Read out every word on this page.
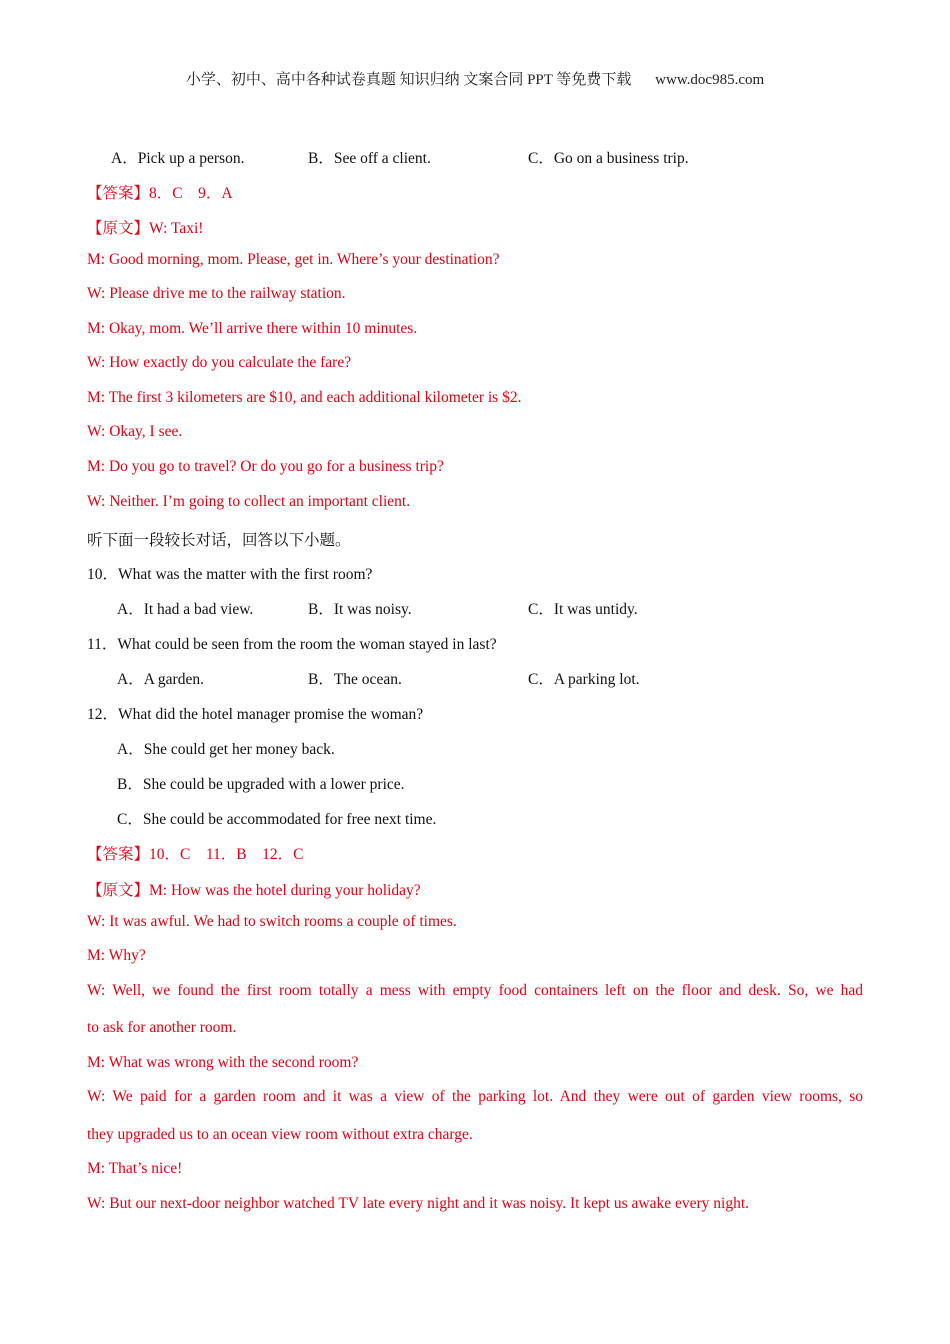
小学、初中、高中各种试卷真题 知识归纳 文案合同 PPT 等免费下载 www.doc985.com
A．Pick up a person.	B．See off a client.	C．Go on a business trip.
【答案】8．C    9．A
【原文】W: Taxi!
M: Good morning, mom. Please, get in. Where’s your destination?
W: Please drive me to the railway station.
M: Okay, mom. We’ll arrive there within 10 minutes.
W: How exactly do you calculate the fare?
M: The first 3 kilometers are $10, and each additional kilometer is $2.
W: Okay, I see.
M: Do you go to travel? Or do you go for a business trip?
W: Neither. I’m going to collect an important client.
听下面一段较长对话，回答以下小题。
10．What was the matter with the first room?
A．It had a bad view.	B．It was noisy.	C．It was untidy.
11．What could be seen from the room the woman stayed in last?
A．A garden.	B．The ocean.	C．A parking lot.
12．What did the hotel manager promise the woman?
A．She could get her money back.
B．She could be upgraded with a lower price.
C．She could be accommodated for free next time.
【答案】10．C    11．B    12．C
【原文】M: How was the hotel during your holiday?
W: It was awful. We had to switch rooms a couple of times.
M: Why?
W: Well, we found the first room totally a mess with empty food containers left on the floor and desk. So, we had
to ask for another room.
M: What was wrong with the second room?
W: We paid for a garden room and it was a view of the parking lot. And they were out of garden view rooms, so
they upgraded us to an ocean view room without extra charge.
M: That’s nice!
W: But our next-door neighbor watched TV late every night and it was noisy. It kept us awake every night.
